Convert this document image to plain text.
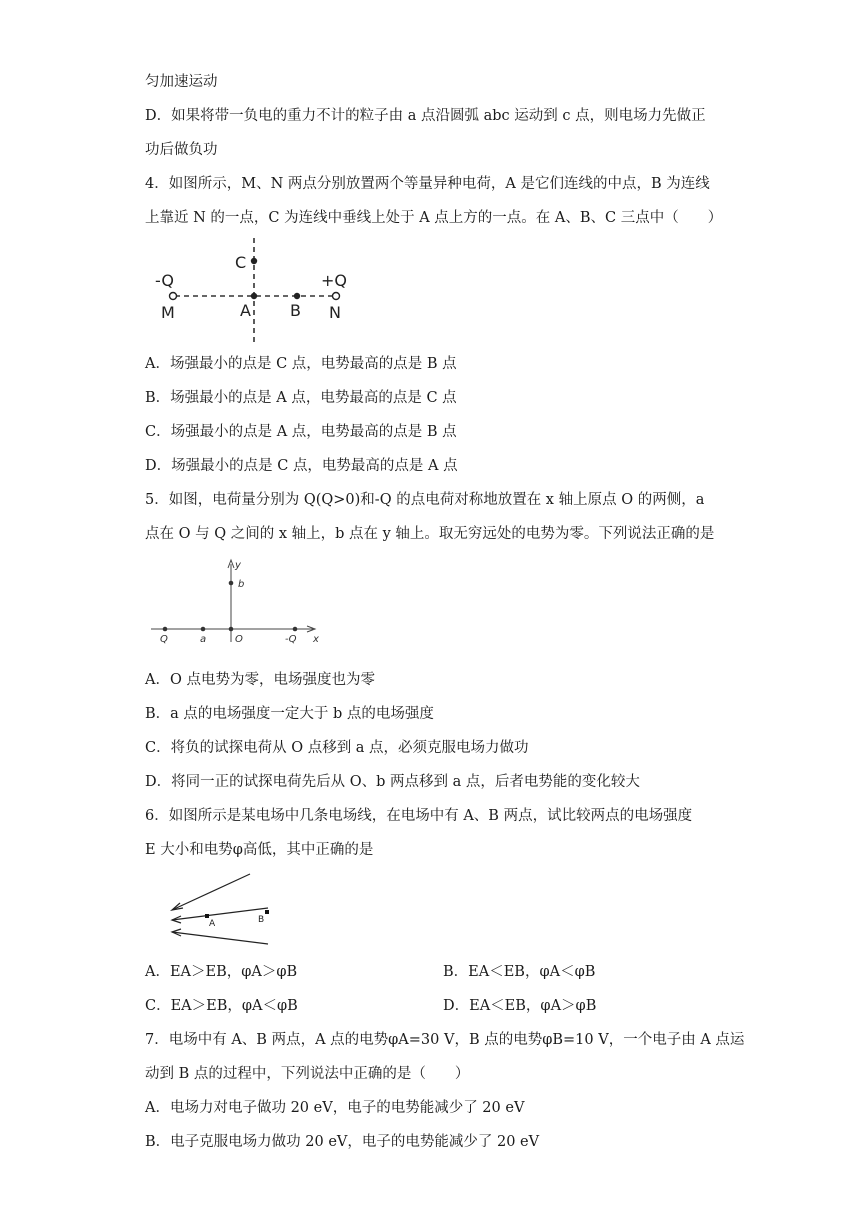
匀加速运动
D．如果将带一负电的重力不计的粒子由 a 点沿圆弧 abc 运动到 c 点，则电场力先做正
功后做负功
4．如图所示，M、N 两点分别放置两个等量异种电荷，A 是它们连线的中点，B 为连线
上靠近 N 的一点，C 为连线中垂线上处于 A 点上方的一点。在 A、B、C 三点中（　　）
C
-Q	+Q
M	A B N
A．场强最小的点是 C 点，电势最高的点是 B 点
B．场强最小的点是 A 点，电势最高的点是 C 点
C．场强最小的点是 A 点，电势最高的点是 B 点
D．场强最小的点是 C 点，电势最高的点是 A 点
5．如图，电荷量分别为 Q(Q>0)和-Q 的点电荷对称地放置在 x 轴上原点 O 的两侧，a
点在 O 与 Q 之间的 x 轴上，b 点在 y 轴上。取无穷远处的电势为零。下列说法正确的是
y
b
Q	a	O	-Q x
A．O 点电势为零，电场强度也为零
B．a 点的电场强度一定大于 b 点的电场强度
C．将负的试探电荷从 O 点移到 a 点，必须克服电场力做功
D．将同一正的试探电荷先后从 O、b 两点移到 a 点，后者电势能的变化较大
6．如图所示是某电场中几条电场线，在电场中有 A、B 两点，试比较两点的电场强度
E 大小和电势φ高低，其中正确的是
A	B
A．EA＞EB，φA＞φB	B．EA＜EB，φA＜φB
C．EA＞EB，φA＜φB	D．EA＜EB，φA＞φB
7．电场中有 A、B 两点，A 点的电势φA=30 V，B 点的电势φB=10 V，一个电子由 A 点运
动到 B 点的过程中，下列说法中正确的是（　　）
A．电场力对电子做功 20 eV，电子的电势能减少了 20 eV
B．电子克服电场力做功 20 eV，电子的电势能减少了 20 eV
